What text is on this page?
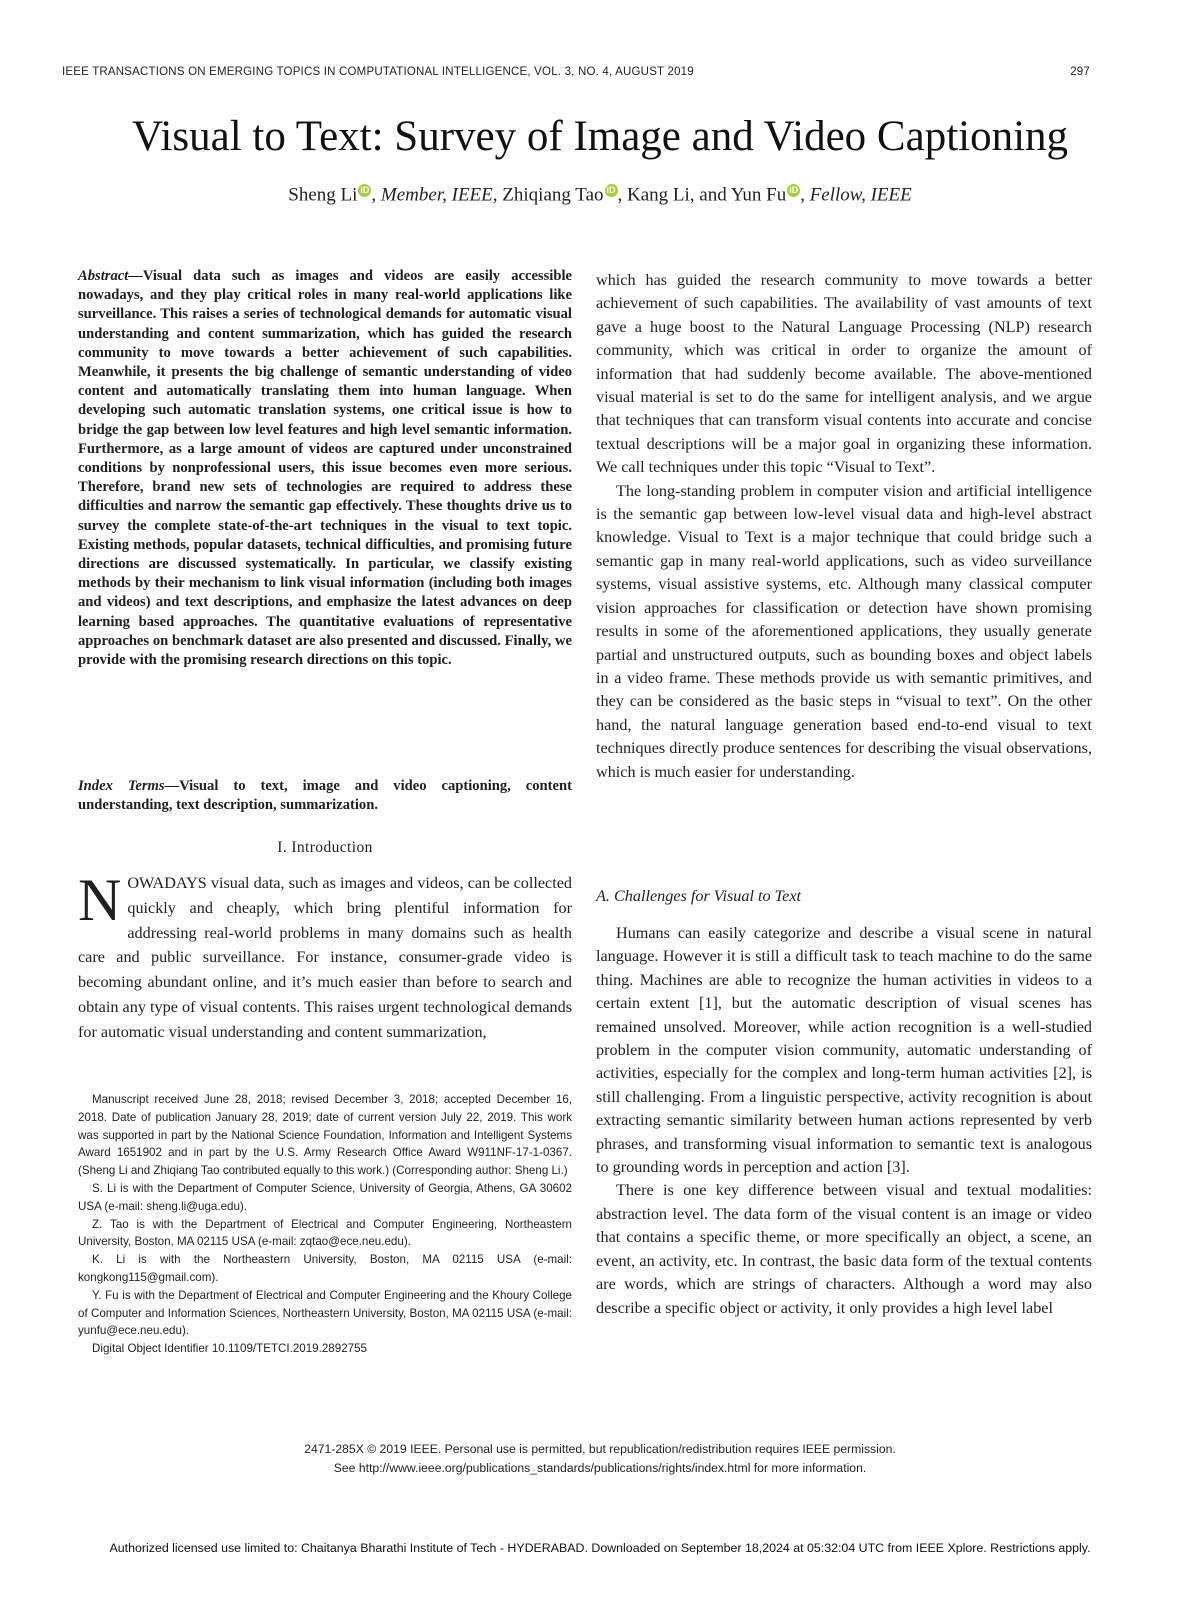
IEEE TRANSACTIONS ON EMERGING TOPICS IN COMPUTATIONAL INTELLIGENCE, VOL. 3, NO. 4, AUGUST 2019	297
Visual to Text: Survey of Image and Video Captioning
Sheng Li iD , Member, IEEE, Zhiqiang Tao iD , Kang Li, and Yun Fu iD , Fellow, IEEE
Abstract—Visual data such as images and videos are easily accessible nowadays, and they play critical roles in many real-world applications like surveillance. This raises a series of technological demands for automatic visual understanding and content summarization, which has guided the research community to move towards a better achievement of such capabilities. Meanwhile, it presents the big challenge of semantic understanding of video content and automatically translating them into human language. When developing such automatic translation systems, one critical issue is how to bridge the gap between low level features and high level semantic information. Furthermore, as a large amount of videos are captured under unconstrained conditions by nonprofessional users, this issue becomes even more serious. Therefore, brand new sets of technologies are required to address these difficulties and narrow the semantic gap effectively. These thoughts drive us to survey the complete state-of-the-art techniques in the visual to text topic. Existing methods, popular datasets, technical difficulties, and promising future directions are discussed systematically. In particular, we classify existing methods by their mechanism to link visual information (including both images and videos) and text descriptions, and emphasize the latest advances on deep learning based approaches. The quantitative evaluations of representative approaches on benchmark dataset are also presented and discussed. Finally, we provide with the promising research directions on this topic.
Index Terms—Visual to text, image and video captioning, content understanding, text description, summarization.
I. Introduction
NOWADAYS visual data, such as images and videos, can be collected quickly and cheaply, which bring plentiful information for addressing real-world problems in many domains such as health care and public surveillance. For instance, consumer-grade video is becoming abundant online, and it’s much easier than before to search and obtain any type of visual contents. This raises urgent technological demands for automatic visual understanding and content summarization,

Manuscript received June 28, 2018; revised December 3, 2018; accepted December 16, 2018. Date of publication January 28, 2019; date of current version July 22, 2019. This work was supported in part by the National Science Foundation, Information and Intelligent Systems Award 1651902 and in part by the U.S. Army Research Office Award W911NF-17-1-0367. (Sheng Li and Zhiqiang Tao contributed equally to this work.) (Corresponding author: Sheng Li.)

S. Li is with the Department of Computer Science, University of Georgia, Athens, GA 30602 USA (e-mail: sheng.li@uga.edu).

Z. Tao is with the Department of Electrical and Computer Engineering, Northeastern University, Boston, MA 02115 USA (e-mail: zqtao@ece.neu.edu).

K. Li is with the Northeastern University, Boston, MA 02115 USA (e-mail: kongkong115@gmail.com).

Y. Fu is with the Department of Electrical and Computer Engineering and the Khoury College of Computer and Information Sciences, Northeastern University, Boston, MA 02115 USA (e-mail: yunfu@ece.neu.edu).

Digital Object Identifier 10.1109/TETCI.2019.2892755

which has guided the research community to move towards a better achievement of such capabilities. The availability of vast amounts of text gave a huge boost to the Natural Language Processing (NLP) research community, which was critical in order to organize the amount of information that had suddenly become available. The above-mentioned visual material is set to do the same for intelligent analysis, and we argue that techniques that can transform visual contents into accurate and concise textual descriptions will be a major goal in organizing these information. We call techniques under this topic “Visual to Text”.

The long-standing problem in computer vision and artificial intelligence is the semantic gap between low-level visual data and high-level abstract knowledge. Visual to Text is a major technique that could bridge such a semantic gap in many real-world applications, such as video surveillance systems, visual assistive systems, etc. Although many classical computer vision approaches for classification or detection have shown promising results in some of the aforementioned applications, they usually generate partial and unstructured outputs, such as bounding boxes and object labels in a video frame. These methods provide us with semantic primitives, and they can be considered as the basic steps in “visual to text”. On the other hand, the natural language generation based end-to-end visual to text techniques directly produce sentences for describing the visual observations, which is much easier for understanding.

A. Challenges for Visual to Text

Humans can easily categorize and describe a visual scene in natural language. However it is still a difficult task to teach machine to do the same thing. Machines are able to recognize the human activities in videos to a certain extent [1], but the automatic description of visual scenes has remained unsolved. Moreover, while action recognition is a well-studied problem in the computer vision community, automatic understanding of activities, especially for the complex and long-term human activities [2], is still challenging. From a linguistic perspective, activity recognition is about extracting semantic similarity between human actions represented by verb phrases, and transforming visual information to semantic text is analogous to grounding words in perception and action [3].

There is one key difference between visual and textual modalities: abstraction level. The data form of the visual content is an image or video that contains a specific theme, or more specifically an object, a scene, an event, an activity, etc. In contrast, the basic data form of the textual contents are words, which are strings of characters. Although a word may also describe a specific object or activity, it only provides a high level label

2471-285X © 2019 IEEE. Personal use is permitted, but republication/redistribution requires IEEE permission.
See http://www.ieee.org/publications_standards/publications/rights/index.html for more information.
Authorized licensed use limited to: Chaitanya Bharathi Institute of Tech - HYDERABAD. Downloaded on September 18,2024 at 05:32:04 UTC from IEEE Xplore. Restrictions apply.
